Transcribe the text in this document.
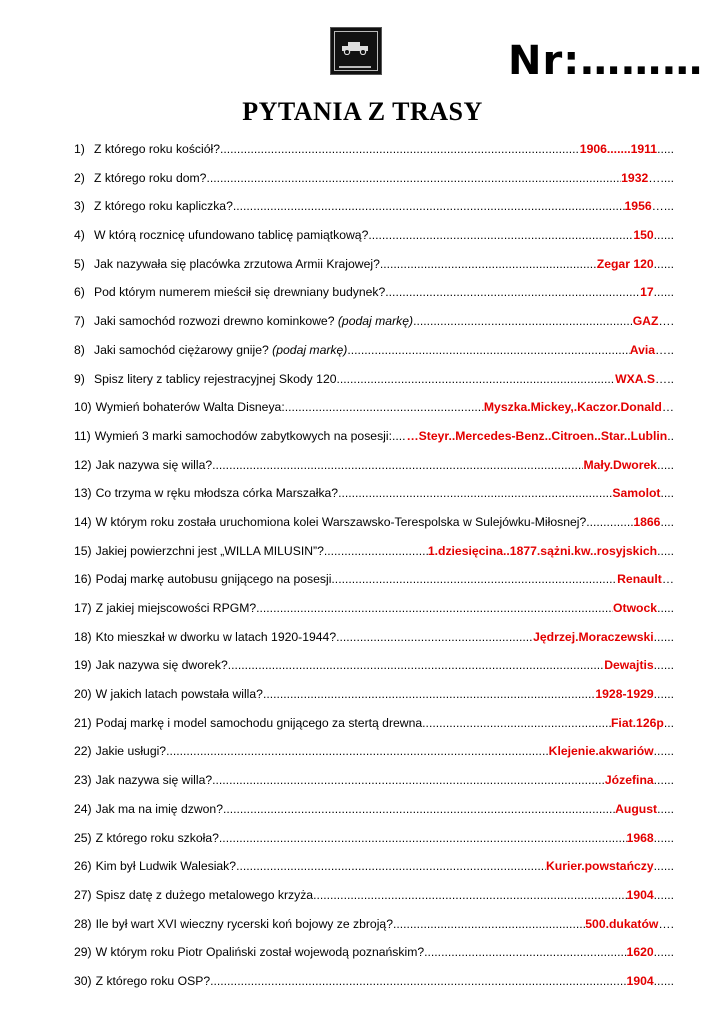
Nr:………
PYTANIA Z TRASY
1) Z którego roku kościół? .....	1906.......1911 .....
2) Z którego roku dom? .....	1932 …....
3) Z którego roku kapliczka? .....	1956 …...
4) W którą rocznicę ufundowano tablicę pamiątkową? .....	150 ......
5) Jak nazywała się placówka zrzutowa Armii Krajowej? .....	Zegar 120 ......
6) Pod którym numerem mieścił się drewniany budynek? .....	17 ......
7) Jaki samochód rozwozi drewno kominkowe? (podaj markę) .....	GAZ ….
8) Jaki samochód ciężarowy gnije? (podaj markę) .....	Avia …..
9) Spisz litery z tablicy rejestracyjnej Skody 120 .....	WXA.S …..
10) Wymień bohaterów Walta Disneya: .....	Myszka.Mickey,.Kaczor.Donald …
11) Wymień 3 marki samochodów zabytkowych na posesji: ..... …Steyr..Mercedes-Benz..Citroen..Star..Lublin ..
12) Jak nazywa się willa? .....	Mały.Dworek .....
13) Co trzyma w ręku młodsza córka Marszałka? .....	Samolot ....
14) W którym roku została uruchomiona kolei Warszawsko-Terespolska w Sulejówku-Miłosnej? .....	1866 ....
15) Jakiej powierzchni jest „WILLA MILUSIN”? .....	1.dziesięcina..1877.sążni.kw..rosyjskich .....
16) Podaj markę autobusu gnijącego na posesji .....	Renault …
17) Z jakiej miejscowości RPGM? .....	Otwock .....
18) Kto mieszkał w dworku w latach 1920-1944? .....	Jędrzej.Moraczewski ......
19) Jak nazywa się dworek? .....	Dewajtis ......
20) W jakich latach powstała willa? .....	1928-1929 ......
21) Podaj markę i model samochodu gnijącego za stertą drewna .....	Fiat.126p ...
22) Jakie usługi? .....	Klejenie.akwariów ......
23) Jak nazywa się willa? .....	Józefina ......
24) Jak ma na imię dzwon? .....	August .....
25) Z którego roku szkoła? .....	1968 ......
26) Kim był Ludwik Walesiak? .....	Kurier.powstańczy ......
27) Spisz datę z dużego metalowego krzyża .....	1904 ......
28) Ile był wart XVI wieczny rycerski koń bojowy ze zbroją? .....	500.dukatów ….
29) W którym roku Piotr Opaliński został wojewodą poznańskim? .....	1620 ......
30) Z którego roku OSP? .....	1904 ......
